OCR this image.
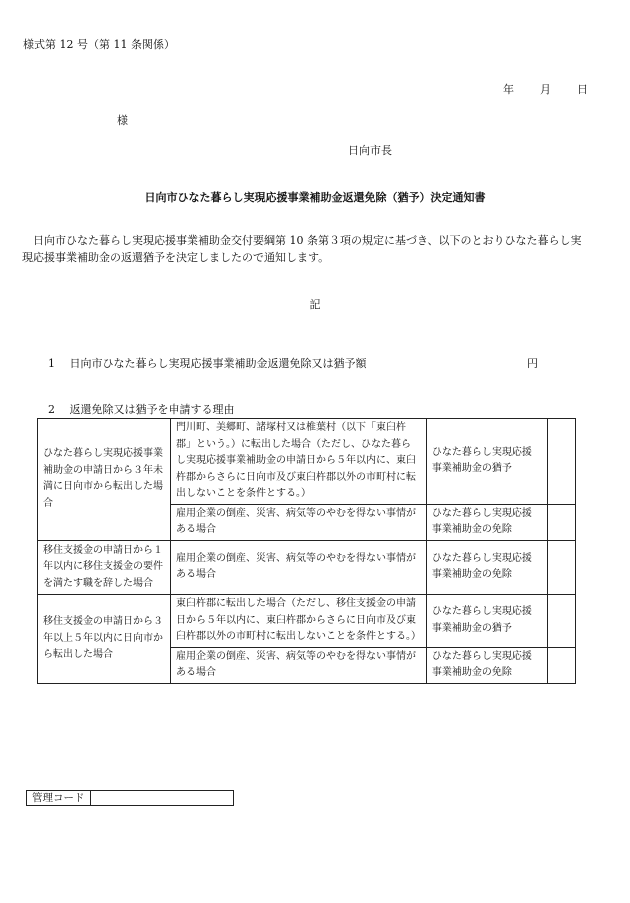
様式第 12 号（第 11 条関係）
年 月 日
様
日向市長
日向市ひなた暮らし実現応援事業補助金返還免除（猶予）決定通知書
日向市ひなた暮らし実現応援事業補助金交付要綱第 10 条第３項の規定に基づき、以下のとおりひなた暮らし実現応援事業補助金の返還猶予を決定しましたので通知します。
記
1　 日向市ひなた暮らし実現応援事業補助金返還免除又は猶予額	円
2　 返還免除又は猶予を申請する理由
ひなた暮らし実現応援事業補助金の申請日から３年未満に日向市から転出した場合	門川町、美郷町、諸塚村又は椎葉村（以下「東臼杵郡」という。）に転出した場合（ただし、ひなた暮らし実現応援事業補助金の申請日から５年以内に、東臼杵郡からさらに日向市及び東臼杵郡以外の市町村に転出しないことを条件とする。）	ひなた暮らし実現応援事業補助金の猶予	
	雇用企業の倒産、災害、病気等のやむを得ない事情がある場合	ひなた暮らし実現応援事業補助金の免除	
移住支援金の申請日から１年以内に移住支援金の要件を満たす職を辞した場合	雇用企業の倒産、災害、病気等のやむを得ない事情がある場合	ひなた暮らし実現応援事業補助金の免除	
移住支援金の申請日から３年以上５年以内に日向市から転出した場合	東臼杵郡に転出した場合（ただし、移住支援金の申請日から５年以内に、東臼杵郡からさらに日向市及び東臼杵郡以外の市町村に転出しないことを条件とする。）	ひなた暮らし実現応援事業補助金の猶予	
	雇用企業の倒産、災害、病気等のやむを得ない事情がある場合	ひなた暮らし実現応援事業補助金の免除	
管理コード	
